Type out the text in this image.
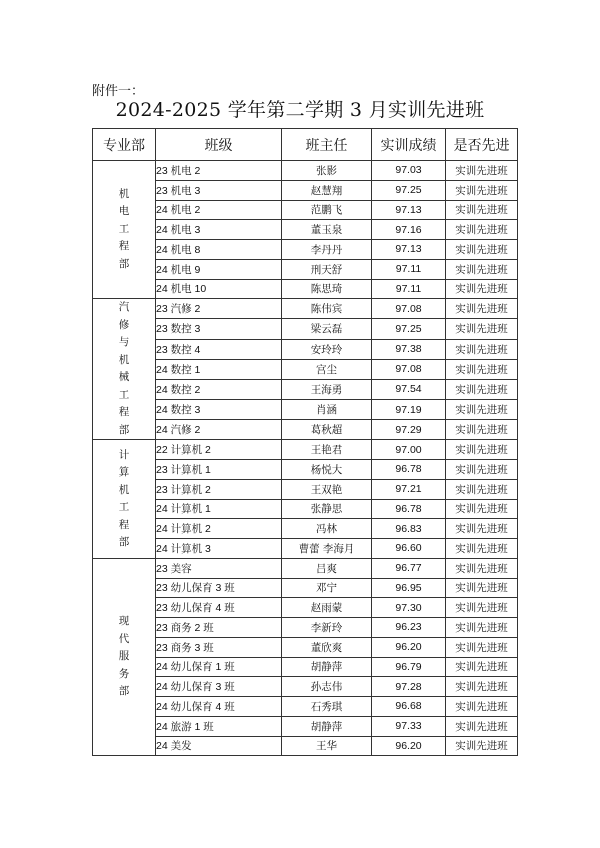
附件一：
2024-2025 学年第二学期 3 月实训先进班
专业部	班级	班主任	实训成绩	是否先进
机电工程部	23 机电 2	张影	97.03	实训先进班
	23 机电 3	赵慧翔	97.25	实训先进班
	24 机电 2	范鹏飞	97.13	实训先进班
	24 机电 3	董玉泉	97.16	实训先进班
	24 机电 8	李丹丹	97.13	实训先进班
	24 机电 9	刑天舒	97.11	实训先进班
	24 机电 10	陈思琦	97.11	实训先进班
汽修与机械工程部	23 汽修 2	陈伟宾	97.08	实训先进班
	23 数控 3	梁云磊	97.25	实训先进班
	23 数控 4	安玲玲	97.38	实训先进班
	24 数控 1	宫尘	97.08	实训先进班
	24 数控 2	王海勇	97.54	实训先进班
	24 数控 3	肖涵	97.19	实训先进班
	24 汽修 2	葛秋超	97.29	实训先进班
计算机工程部	22 计算机 2	王艳君	97.00	实训先进班
	23 计算机 1	杨悦大	96.78	实训先进班
	23 计算机 2	王双艳	97.21	实训先进班
	24 计算机 1	张静思	96.78	实训先进班
	24 计算机 2	冯林	96.83	实训先进班
	24 计算机 3	曹蕾 李海月	96.60	实训先进班
现代服务部	23 美容	吕爽	96.77	实训先进班
	23 幼儿保育 3 班	邓宁	96.95	实训先进班
	23 幼儿保育 4 班	赵雨蒙	97.30	实训先进班
	23 商务 2 班	李新玲	96.23	实训先进班
	23 商务 3 班	董欣爽	96.20	实训先进班
	24 幼儿保育 1 班	胡静萍	96.79	实训先进班
	24 幼儿保育 3 班	孙志伟	97.28	实训先进班
	24 幼儿保育 4 班	石秀琪	96.68	实训先进班
	24 旅游 1 班	胡静萍	97.33	实训先进班
	24 美发	王华	96.20	实训先进班
